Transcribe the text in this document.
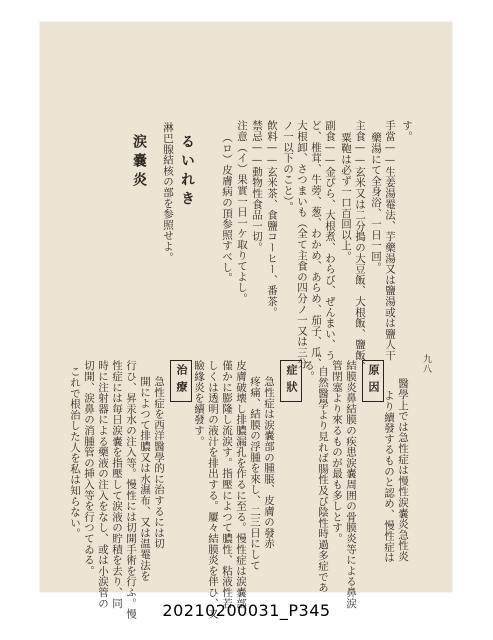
す。
手當——生姜湯罨法、芋藥湯又は鹽湯或は鹽人干
藥湯にて全身浴、一日一回。
主食——玄米又は二分搗の大豆飯、大根飯、鹽飯、
粟鞄は必ず一口百回以上。
副食——金ぴら、大根煮、わらび、ぜんまい、う
ど、椎茸、牛蒡、葱、わかめ、あらめ、茄子、瓜、
大根卸、さつまいも（全て主食の四分ノ一又は三分
ノ一以下のこと）。
飲料——玄米茶、食鹽コーヒー、番茶。
禁忌——動物性食品一切。
注意（イ）果實一日一ケ取りてよし。
（ロ）皮膚病の頂参照すべし。
るいれき
淋巴腺結核の部を参照せよ。
涙嚢炎
九八
醫學上では急性症は慢性涙嚢炎急性炎
より續發するものと認め、慢性症は
原因
結膜炎鼻結膜の疾患涙嚢周囲の骨膜炎等による鼻涙
管閉塞より來るものが最も多しとす。
自然醫學より見れば腸性及び陰性時過多症であ
る。
症狀
急性症は涙嚢部の腫脹、皮膚の發赤
疼痛、結膜の浮腫を來し、二三日にして
皮膚破壊し排膿漏孔を作るに至る。慢性症は涙嚢部
僅かに膨隆し流涙す。指壓によつて膿性、粘液性若
しくは透明の液汁を排出する。屢々結膜炎を伴ひ、又
瞼緣炎を續發す。
治療
急性症を西洋醫學的に治するには切
開によつて排膿又は水濕布、又は温罨法を
行ひ、昇汞水の注入等。慢性には切開手術を行ふ。慢
性症には毎日涙嚢を指壓して涙液の貯積を去り、同
時に注射器による藥液の注入をなし、或は小涙管の
切開、涙鼻の消腫管の挿入等を行つてゐる。
これで根治した人を私は知らない。
20210200031_P345
